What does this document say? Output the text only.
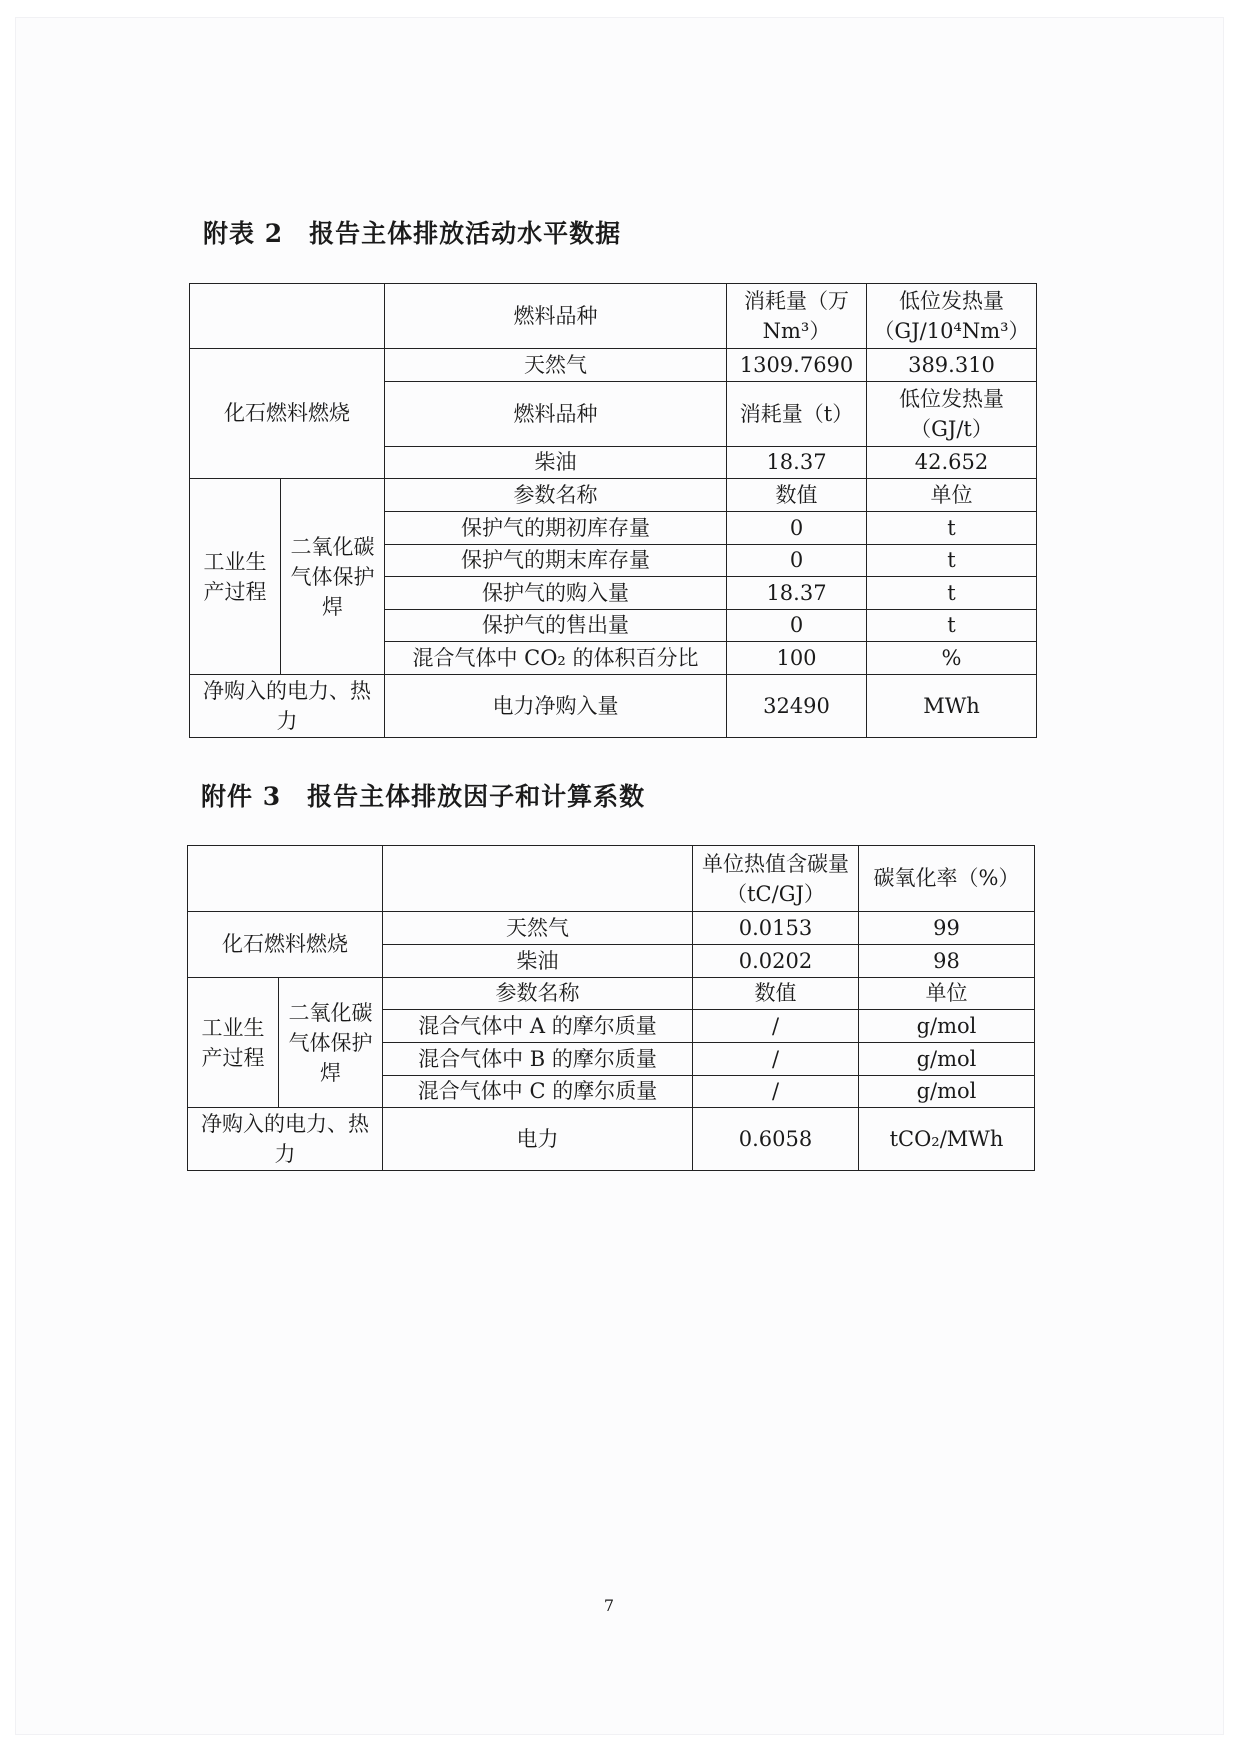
附表 2 报告主体排放活动水平数据
		燃料品种	消耗量（万 Nm³）	低位发热量（GJ/10⁴Nm³）
化石燃料燃烧		天然气	1309.7690	389.310
		燃料品种	消耗量（t）	低位发热量（GJ/t）
		柴油	18.37	42.652
工业生产过程	二氧化碳气体保护焊	参数名称	数值	单位
		保护气的期初库存量	0	t
		保护气的期末库存量	0	t
		保护气的购入量	18.37	t
		保护气的售出量	0	t
		混合气体中 CO₂ 的体积百分比	100	%
净购入的电力、热力		电力净购入量	32490	MWh
附件 3 报告主体排放因子和计算系数
			单位热值含碳量（tC/GJ）	碳氧化率（%）
化石燃料燃烧		天然气	0.0153	99
		柴油	0.0202	98
工业生产过程	二氧化碳气体保护焊	参数名称	数值	单位
		混合气体中 A 的摩尔质量	/	g/mol
		混合气体中 B 的摩尔质量	/	g/mol
		混合气体中 C 的摩尔质量	/	g/mol
净购入的电力、热力		电力	0.6058	tCO₂/MWh
7
